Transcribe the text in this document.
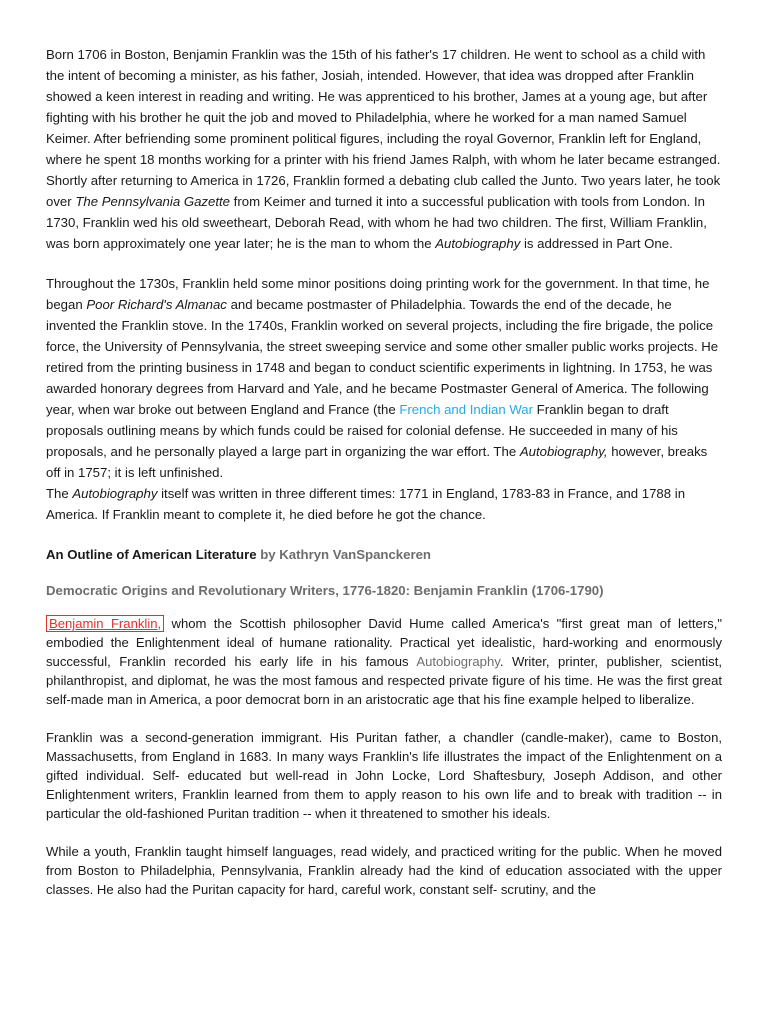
Born 1706 in Boston, Benjamin Franklin was the 15th of his father's 17 children. He went to school as a child with the intent of becoming a minister, as his father, Josiah, intended. However, that idea was dropped after Franklin showed a keen interest in reading and writing. He was apprenticed to his brother, James at a young age, but after fighting with his brother he quit the job and moved to Philadelphia, where he worked for a man named Samuel Keimer. After befriending some prominent political figures, including the royal Governor, Franklin left for England, where he spent 18 months working for a printer with his friend James Ralph, with whom he later became estranged. Shortly after returning to America in 1726, Franklin formed a debating club called the Junto. Two years later, he took over The Pennsylvania Gazette from Keimer and turned it into a successful publication with tools from London. In 1730, Franklin wed his old sweetheart, Deborah Read, with whom he had two children. The first, William Franklin, was born approximately one year later; he is the man to whom the Autobiography is addressed in Part One.

Throughout the 1730s, Franklin held some minor positions doing printing work for the government. In that time, he began Poor Richard's Almanac and became postmaster of Philadelphia. Towards the end of the decade, he invented the Franklin stove. In the 1740s, Franklin worked on several projects, including the fire brigade, the police force, the University of Pennsylvania, the street sweeping service and some other smaller public works projects. He retired from the printing business in 1748 and began to conduct scientific experiments in lightning. In 1753, he was awarded honorary degrees from Harvard and Yale, and he became Postmaster General of America. The following year, when war broke out between England and France (the French and Indian War Franklin began to draft proposals outlining means by which funds could be raised for colonial defense. He succeeded in many of his proposals, and he personally played a large part in organizing the war effort. The Autobiography, however, breaks off in 1757; it is left unfinished.

The Autobiography itself was written in three different times: 1771 in England, 1783-83 in France, and 1788 in America. If Franklin meant to complete it, he died before he got the chance.

An Outline of American Literature by Kathryn VanSpanckeren

Democratic Origins and Revolutionary Writers, 1776-1820: Benjamin Franklin (1706-1790)

Benjamin Franklin, whom the Scottish philosopher David Hume called America's "first great man of letters," embodied the Enlightenment ideal of humane rationality. Practical yet idealistic, hard-working and enormously successful, Franklin recorded his early life in his famous Autobiography. Writer, printer, publisher, scientist, philanthropist, and diplomat, he was the most famous and respected private figure of his time. He was the first great self-made man in America, a poor democrat born in an aristocratic age that his fine example helped to liberalize.

Franklin was a second-generation immigrant. His Puritan father, a chandler (candle-maker), came to Boston, Massachusetts, from England in 1683. In many ways Franklin's life illustrates the impact of the Enlightenment on a gifted individual. Self- educated but well-read in John Locke, Lord Shaftesbury, Joseph Addison, and other Enlightenment writers, Franklin learned from them to apply reason to his own life and to break with tradition -- in particular the old-fashioned Puritan tradition -- when it threatened to smother his ideals.

While a youth, Franklin taught himself languages, read widely, and practiced writing for the public. When he moved from Boston to Philadelphia, Pennsylvania, Franklin already had the kind of education associated with the upper classes. He also had the Puritan capacity for hard, careful work, constant self- scrutiny, and the
